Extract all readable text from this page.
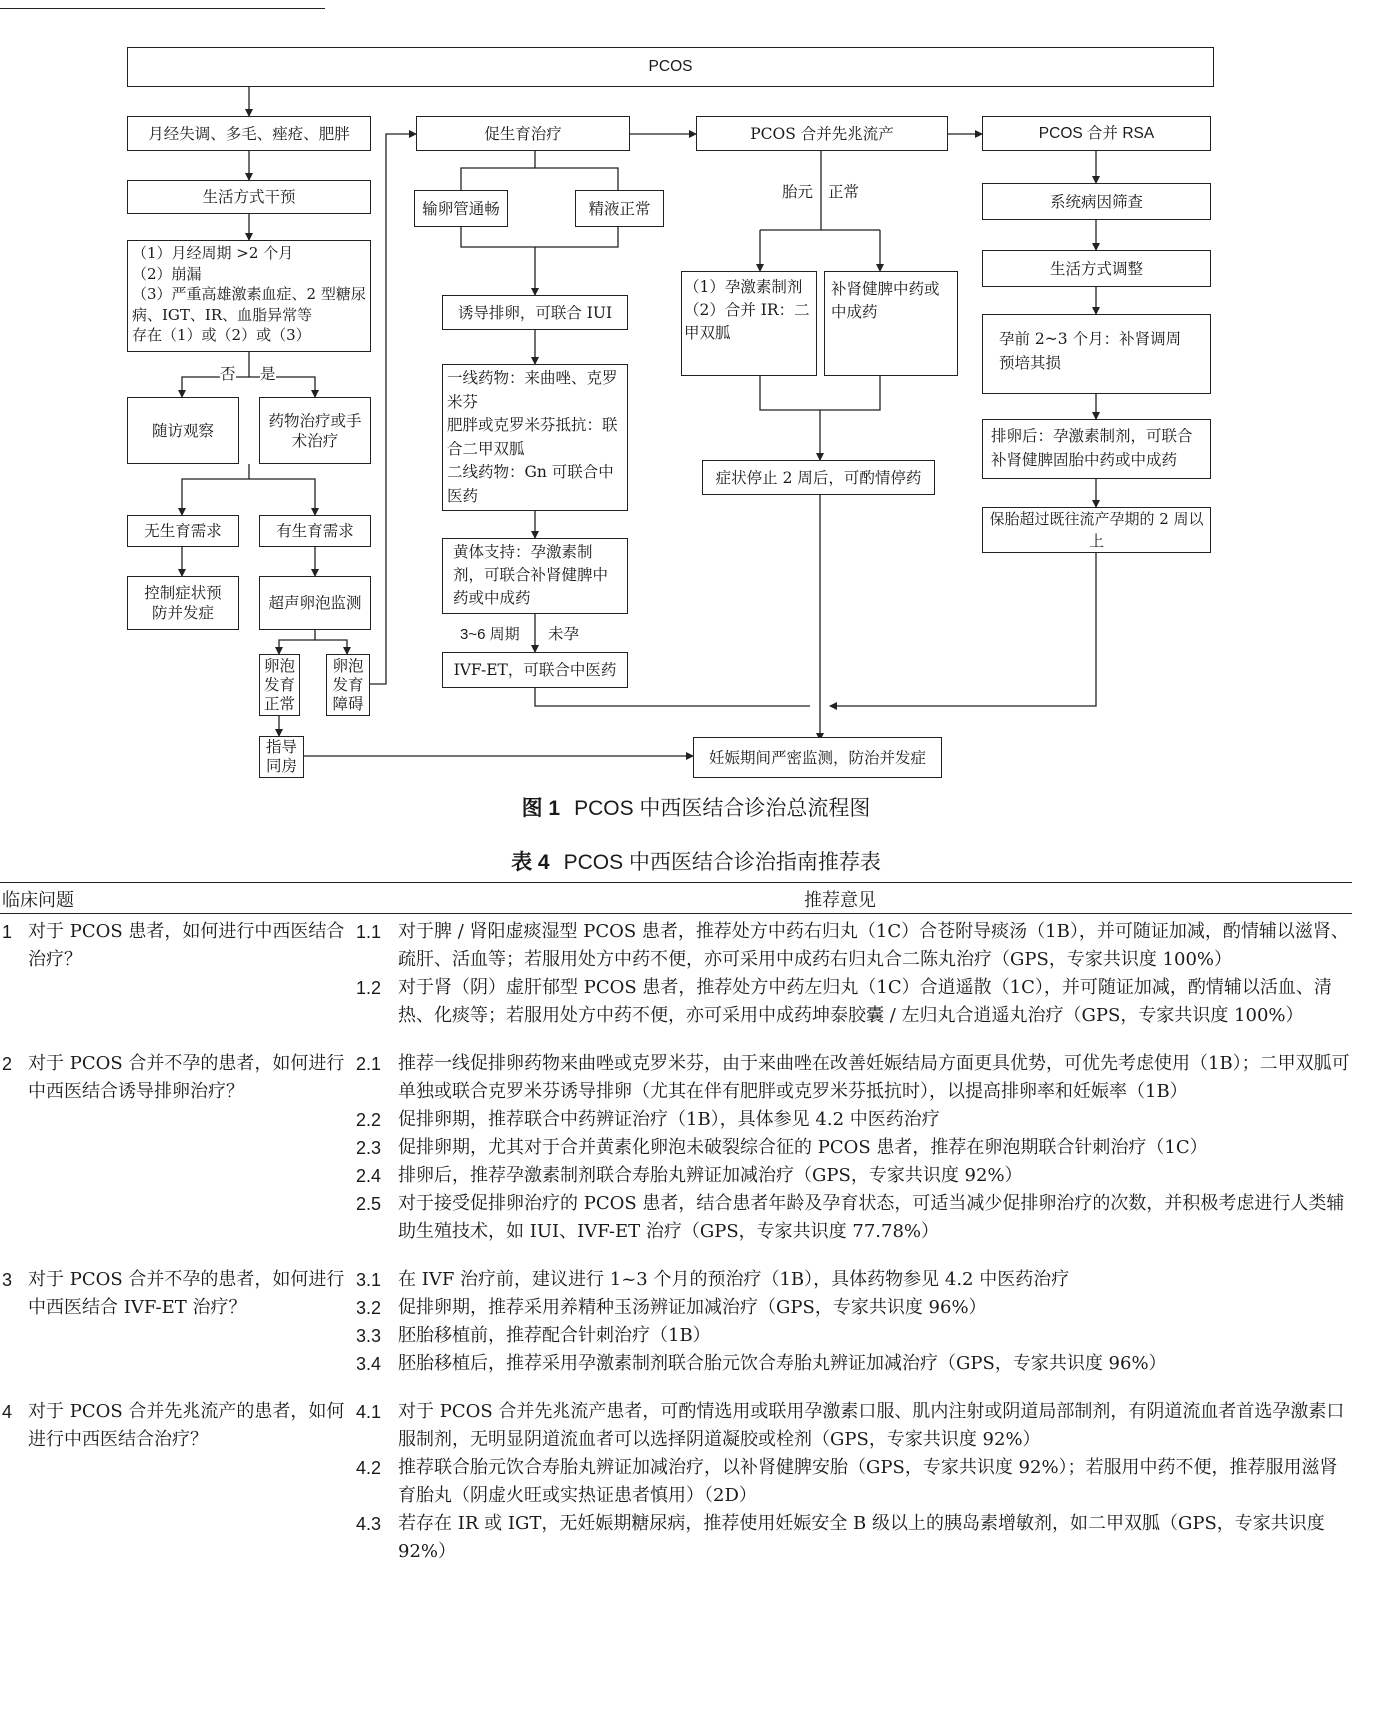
PCOS
月经失调、多毛、痤疮、肥胖
生活方式干预
（1）月经周期 >2 个月
（2）崩漏
（3）严重高雄激素血症、2 型糖尿病、IGT、IR、血脂异常等
存在（1）或（2）或（3）
否 是
随访观察
药物治疗或手术治疗
无生育需求	有生育需求
控制症状预防并发症
超声卵泡监测
卵泡发育正常
卵泡发育障碍
指导同房
促生育治疗
输卵管通畅	精液正常
诱导排卵，可联合 IUI
一线药物：来曲唑、克罗米芬
肥胖或克罗米芬抵抗：联合二甲双胍
二线药物：Gn 可联合中医药
黄体支持：孕激素制剂，可联合补肾健脾中药或中成药
3~6 周期 未孕
IVF-ET，可联合中医药
PCOS 合并先兆流产
胎元 正常
（1）孕激素制剂
（2）合并 IR：二甲双胍
补肾健脾中药或中成药
症状停止 2 周后，可酌情停药
PCOS 合并 RSA
系统病因筛查
生活方式调整
孕前 2~3 个月：补肾调周预培其损
排卵后：孕激素制剂，可联合补肾健脾固胎中药或中成药
保胎超过既往流产孕期的 2 周以上
妊娠期间严密监测，防治并发症
图 1 PCOS 中西医结合诊治总流程图
表 4 PCOS 中西医结合诊治指南推荐表
临床问题	推荐意见
1 对于 PCOS 患者，如何进行中西医结合治疗？
1.1 对于脾 / 肾阳虚痰湿型 PCOS 患者，推荐处方中药右归丸（1C）合苍附导痰汤（1B），并可随证加减，酌情辅以滋肾、疏肝、活血等；若服用处方中药不便，亦可采用中成药右归丸合二陈丸治疗（GPS，专家共识度 100%）
1.2 对于肾（阴）虚肝郁型 PCOS 患者，推荐处方中药左归丸（1C）合逍遥散（1C），并可随证加减，酌情辅以活血、清热、化痰等；若服用处方中药不便，亦可采用中成药坤泰胶囊 / 左归丸合逍遥丸治疗（GPS，专家共识度 100%）
2 对于 PCOS 合并不孕的患者，如何进行中西医结合诱导排卵治疗？
2.1 推荐一线促排卵药物来曲唑或克罗米芬，由于来曲唑在改善妊娠结局方面更具优势，可优先考虑使用（1B）；二甲双胍可单独或联合克罗米芬诱导排卵（尤其在伴有肥胖或克罗米芬抵抗时），以提高排卵率和妊娠率（1B）
2.2 促排卵期，推荐联合中药辨证治疗（1B），具体参见 4.2 中医药治疗
2.3 促排卵期，尤其对于合并黄素化卵泡未破裂综合征的 PCOS 患者，推荐在卵泡期联合针刺治疗（1C）
2.4 排卵后，推荐孕激素制剂联合寿胎丸辨证加减治疗（GPS，专家共识度 92%）
2.5 对于接受促排卵治疗的 PCOS 患者，结合患者年龄及孕育状态，可适当减少促排卵治疗的次数，并积极考虑进行人类辅助生殖技术，如 IUI、IVF-ET 治疗（GPS，专家共识度 77.78%）
3 对于 PCOS 合并不孕的患者，如何进行中西医结合 IVF-ET 治疗？
3.1 在 IVF 治疗前，建议进行 1~3 个月的预治疗（1B），具体药物参见 4.2 中医药治疗
3.2 促排卵期，推荐采用养精种玉汤辨证加减治疗（GPS，专家共识度 96%）
3.3 胚胎移植前，推荐配合针刺治疗（1B）
3.4 胚胎移植后，推荐采用孕激素制剂联合胎元饮合寿胎丸辨证加减治疗（GPS，专家共识度 96%）
4 对于 PCOS 合并先兆流产的患者，如何进行中西医结合治疗？
4.1 对于 PCOS 合并先兆流产患者，可酌情选用或联用孕激素口服、肌内注射或阴道局部制剂，有阴道流血者首选孕激素口服制剂，无明显阴道流血者可以选择阴道凝胶或栓剂（GPS，专家共识度 92%）
4.2 推荐联合胎元饮合寿胎丸辨证加减治疗，以补肾健脾安胎（GPS，专家共识度 92%）；若服用中药不便，推荐服用滋肾育胎丸（阴虚火旺或实热证患者慎用）（2D）
4.3 若存在 IR 或 IGT，无妊娠期糖尿病，推荐使用妊娠安全 B 级以上的胰岛素增敏剂，如二甲双胍（GPS，专家共识度 92%）
